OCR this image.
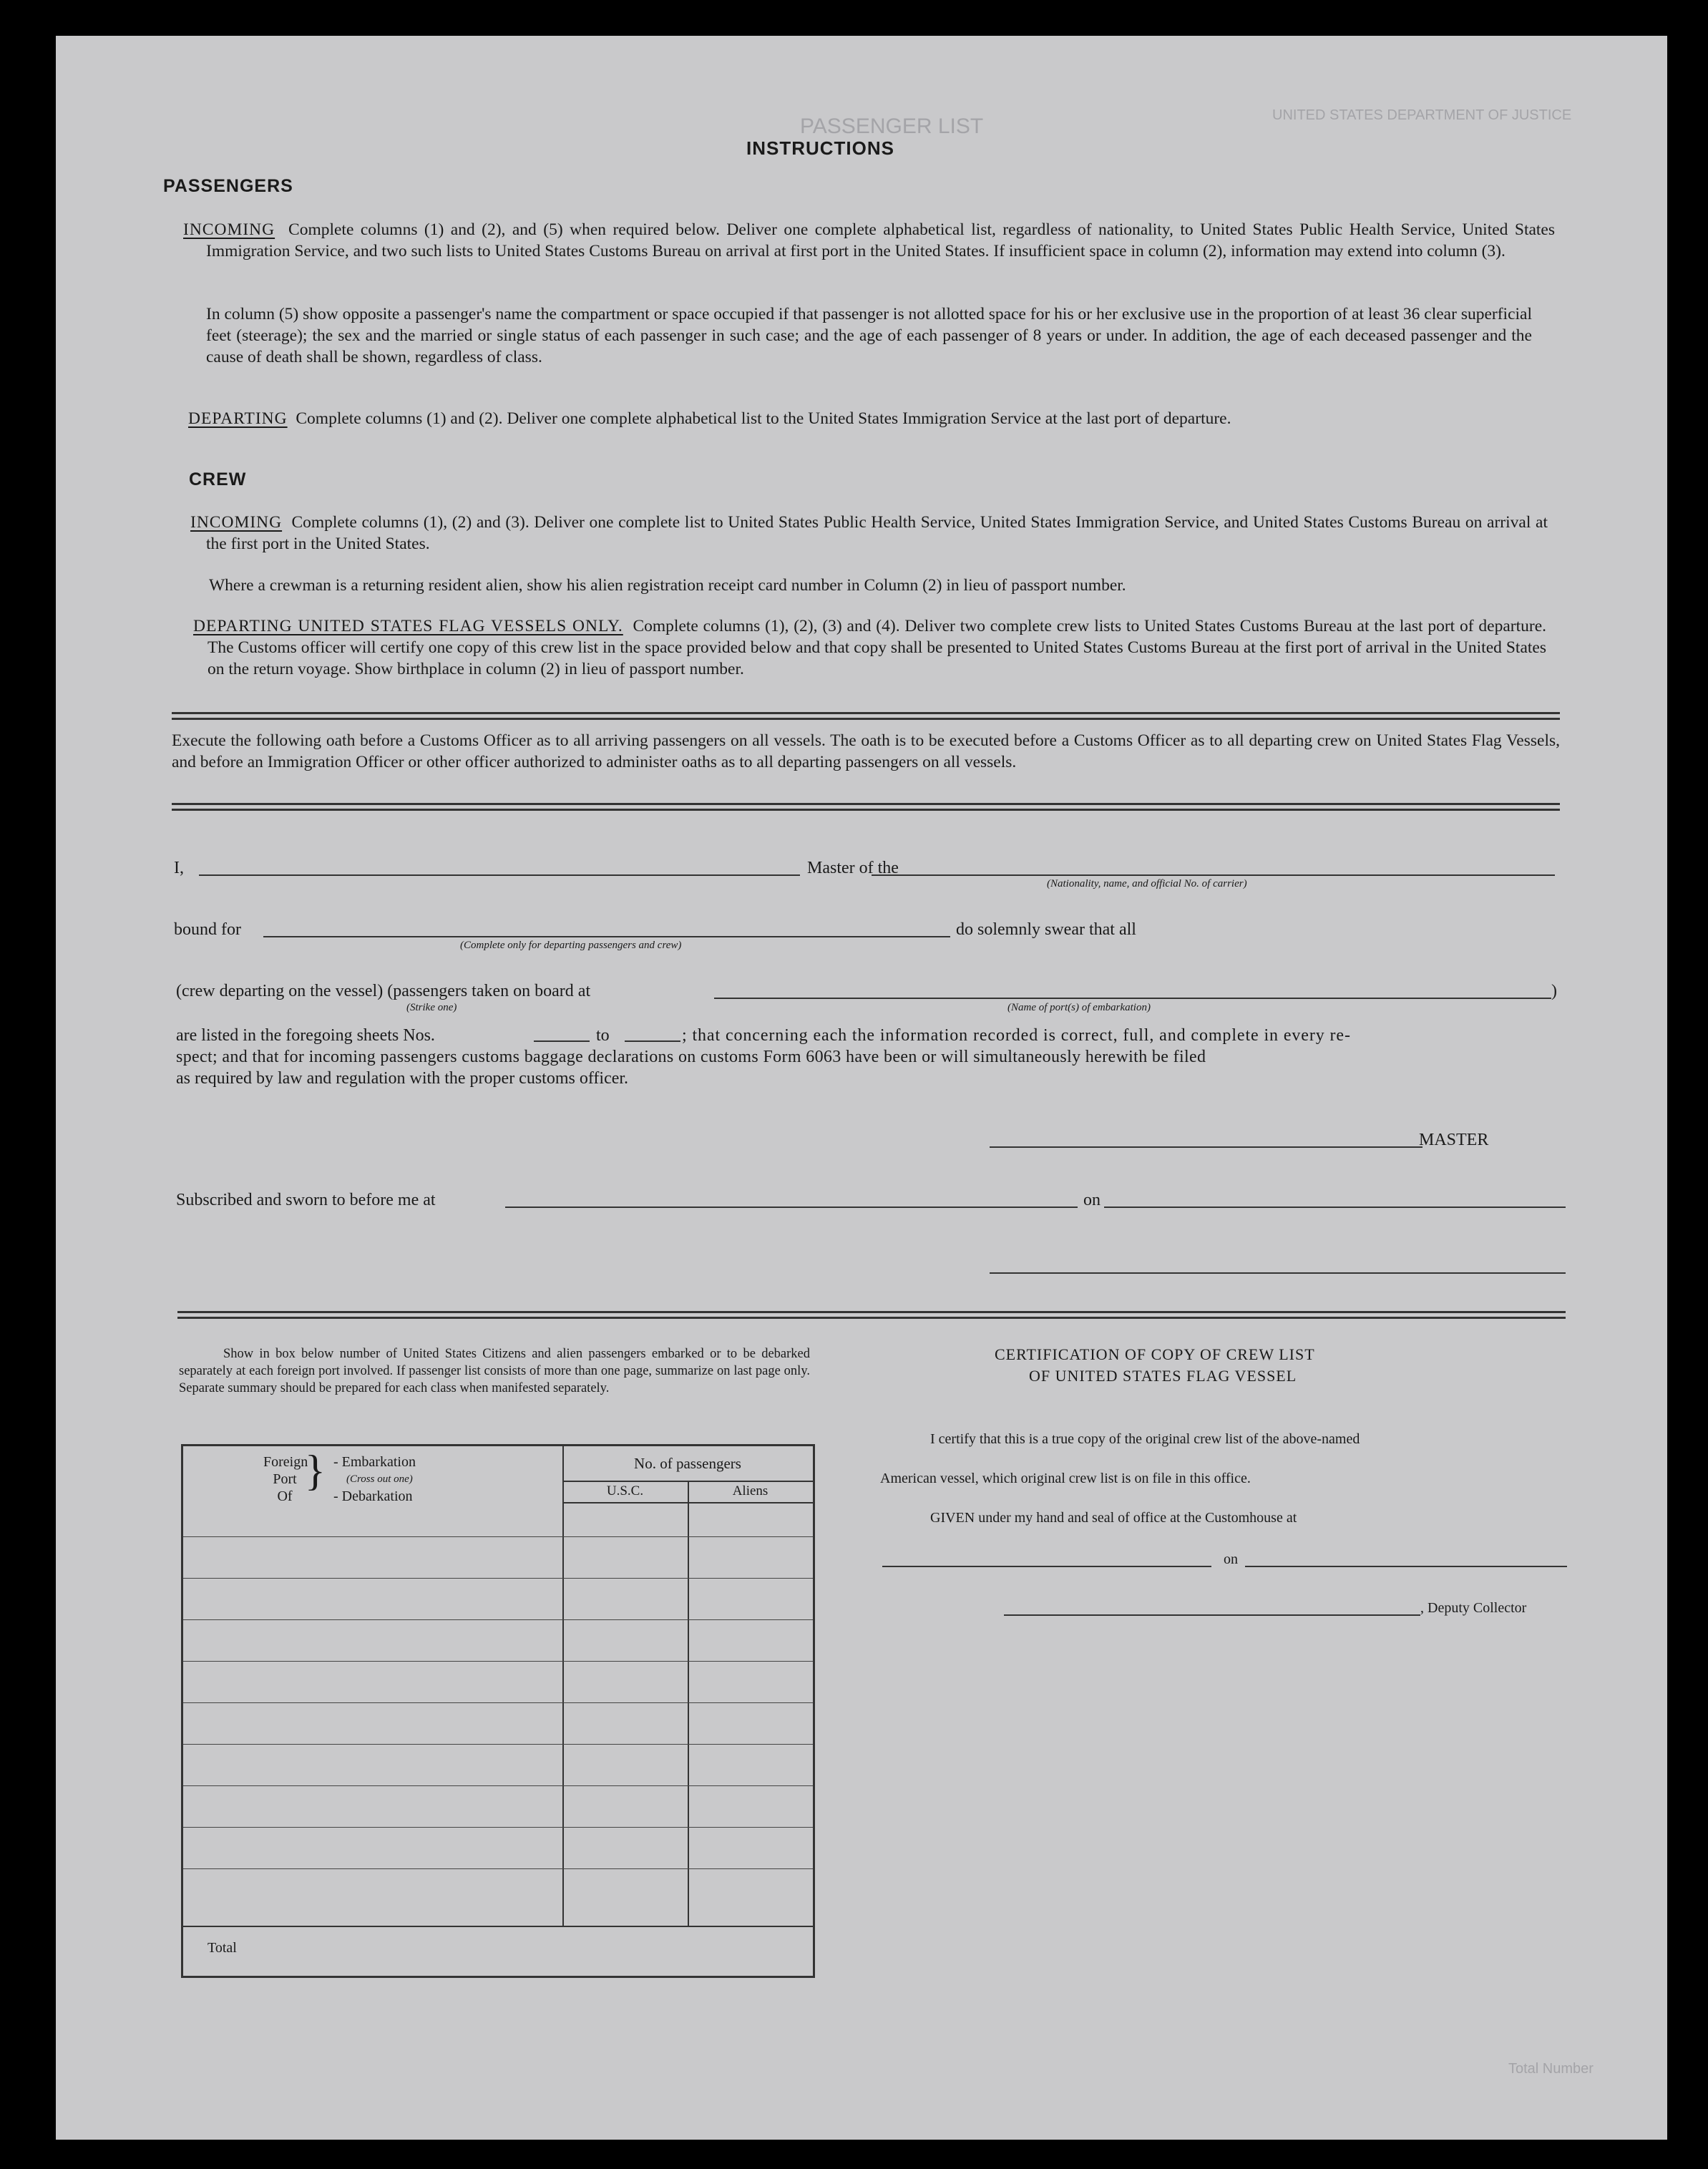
PASSENGER LIST	UNITED STATES DEPARTMENT OF JUSTICE
Total Number
INSTRUCTIONS
PASSENGERS
INCOMING Complete columns (1) and (2), and (5) when required below. Deliver one complete alphabetical list, regardless of nationality, to United States Public Health Service, United States Immigration Service, and two such lists to United States Customs Bureau on arrival at first port in the United States. If insufficient space in column (2), information may extend into column (3).
In column (5) show opposite a passenger's name the compartment or space occupied if that passenger is not allotted space for his or her exclusive use in the proportion of at least 36 clear superficial feet (steerage); the sex and the married or single status of each passenger in such case; and the age of each passenger of 8 years or under. In addition, the age of each deceased passenger and the cause of death shall be shown, regardless of class.
DEPARTING Complete columns (1) and (2). Deliver one complete alphabetical list to the United States Immigration Service at the last port of departure.
CREW
INCOMING Complete columns (1), (2) and (3). Deliver one complete list to United States Public Health Service, United States Immigration Service, and United States Customs Bureau on arrival at the first port in the United States.
Where a crewman is a returning resident alien, show his alien registration receipt card number in Column (2) in lieu of passport number.
DEPARTING UNITED STATES FLAG VESSELS ONLY. Complete columns (1), (2), (3) and (4). Deliver two complete crew lists to United States Customs Bureau at the last port of departure. The Customs officer will certify one copy of this crew list in the space provided below and that copy shall be presented to United States Customs Bureau at the first port of arrival in the United States on the return voyage. Show birthplace in column (2) in lieu of passport number.
Execute the following oath before a Customs Officer as to all arriving passengers on all vessels. The oath is to be executed before a Customs Officer as to all departing crew on United States Flag Vessels, and before an Immigration Officer or other officer authorized to administer oaths as to all departing passengers on all vessels.
I,	Master of the
(Nationality, name, and official No. of carrier)
bound for	do solemnly swear that all
(Complete only for departing passengers and crew)
(crew departing on the vessel) (passengers taken on board at	)
(Strike one)	(Name of port(s) of embarkation)
are listed in the foregoing sheets Nos.	to	; that concerning each the information recorded is correct, full, and complete in every re-
spect; and that for incoming passengers customs baggage declarations on customs Form 6063 have been or will simultaneously herewith be filed
as required by law and regulation with the proper customs officer.
MASTER
Subscribed and sworn to before me at	on
Show in box below number of United States Citizens and alien passengers embarked or to be debarked separately at each foreign port involved. If passenger list consists of more than one page, summarize on last page only. Separate summary should be prepared for each class when manifested separately.
Foreign
Port
Of
} - Embarkation
(Cross out one)
- Debarkation
No. of passengers
U.S.C.	Aliens
Total
CERTIFICATION OF COPY OF CREW LIST
OF UNITED STATES FLAG VESSEL
I certify that this is a true copy of the original crew list of the above-named
American vessel, which original crew list is on file in this office.
GIVEN under my hand and seal of office at the Customhouse at
on
, Deputy Collector
